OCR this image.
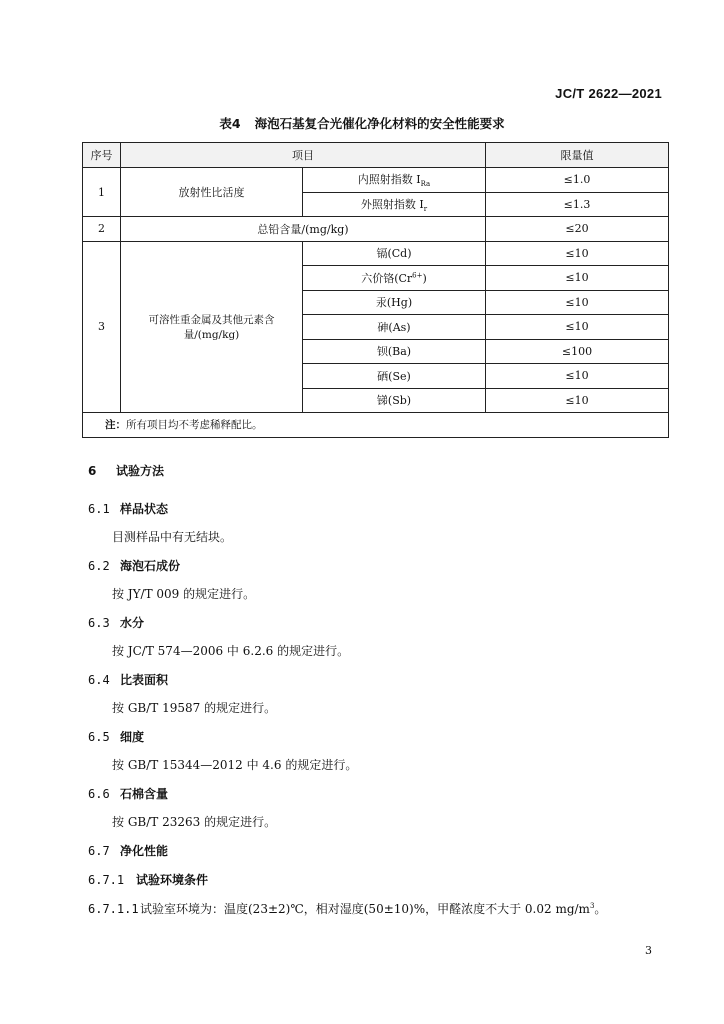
JC/T 2622—2021
表4 海泡石基复合光催化净化材料的安全性能要求
序号	项目		限量值
1	放射性比活度	内照射指数 $I_{Ra}$	≤1.0
		外照射指数 $I_r$	≤1.3
2	总铅含量/(mg/kg)		≤20
3	可溶性重金属及其他元素含量/(mg/kg)	镉(Cd)	≤10
		六价铬$(Cr^{6+})$	≤10
		汞(Hg)	≤10
		砷(As)	≤10
		钡(Ba)	≤100
		硒(Se)	≤10
		锑(Sb)	≤10
注：所有项目均不考虑稀释配比。			
6 试验方法
6.1 样品状态
目测样品中有无结块。
6.2 海泡石成份
按 JY/T 009 的规定进行。
6.3 水分
按 JC/T 574—2006 中 6.2.6 的规定进行。
6.4 比表面积
按 GB/T 19587 的规定进行。
6.5 细度
按 GB/T 15344—2012 中 4.6 的规定进行。
6.6 石棉含量
按 GB/T 23263 的规定进行。
6.7 净化性能
6.7.1 试验环境条件
6.7.1.1试验室环境为：温度(23±2)℃，相对湿度(50±10)%，甲醛浓度不大于 0.02 $mg/m^3$。
3
